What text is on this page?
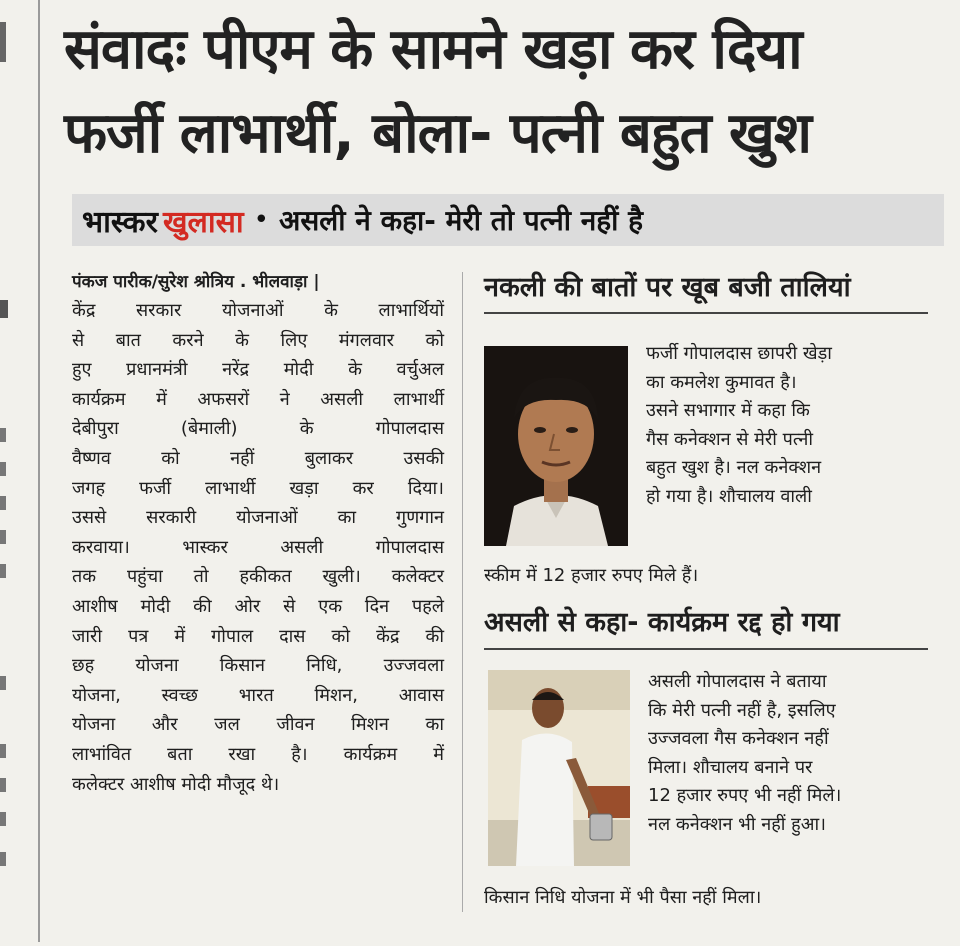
संवादः पीएम के सामने खड़ा कर दिया
फर्जी लाभार्थी, बोला- पत्नी बहुत खुश
भास्कर खुलासा • असली ने कहा- मेरी तो पत्नी नहीं है
पंकज पारीक/सुरेश श्रोत्रिय . भीलवाड़ा |
केंद्र सरकार योजनाओं के लाभार्थियों
से बात करने के लिए मंगलवार को
हुए प्रधानमंत्री नरेंद्र मोदी के वर्चुअल
कार्यक्रम में अफसरों ने असली लाभार्थी
देबीपुरा (बेमाली) के गोपालदास
वैष्णव को नहीं बुलाकर उसकी
जगह फर्जी लाभार्थी खड़ा कर दिया।
उससे सरकारी योजनाओं का गुणगान
करवाया। भास्कर असली गोपालदास
तक पहुंचा तो हकीकत खुली। कलेक्टर
आशीष मोदी की ओर से एक दिन पहले
जारी पत्र में गोपाल दास को केंद्र की
छह योजना किसान निधि, उज्जवला
योजना, स्वच्छ भारत मिशन, आवास
योजना और जल जीवन मिशन का
लाभांवित बता रखा है। कार्यक्रम में
कलेक्टर आशीष मोदी मौजूद थे।
नकली की बातों पर खूब बजी तालियां
फर्जी गोपालदास छापरी खेड़ा
का कमलेश कुमावत है।
उसने सभागार में कहा कि
गैस कनेक्शन से मेरी पत्नी
बहुत खुश है। नल कनेक्शन
हो गया है। शौचालय वाली
स्कीम में 12 हजार रुपए मिले हैं।
असली से कहा- कार्यक्रम रद्द हो गया
असली गोपालदास ने बताया
कि मेरी पत्नी नहीं है, इसलिए
उज्जवला गैस कनेक्शन नहीं
मिला। शौचालय बनाने पर
12 हजार रुपए भी नहीं मिले।
नल कनेक्शन भी नहीं हुआ।
किसान निधि योजना में भी पैसा नहीं मिला।
